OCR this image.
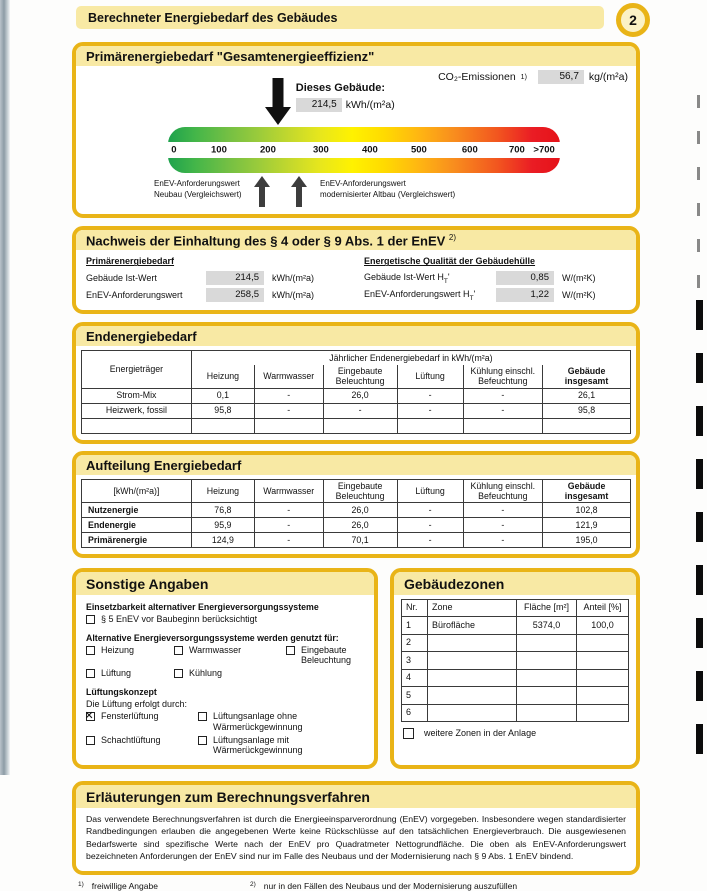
Berechneter Energiebedarf des Gebäudes	2
Primärenergiebedarf "Gesamtenergieeffizienz"
CO₂-Emissionen 1)	56,7 kg/(m²a)
Dieses Gebäude:
214,5 kWh/(m²a)
0	100	200	300	400	500	600	700 >700
EnEV-Anforderungswert
Neubau (Vergleichswert)
EnEV-Anforderungswert
modernisierter Altbau (Vergleichswert)
Nachweis der Einhaltung des § 4 oder § 9 Abs. 1 der EnEV $^{2)}$
Primärenergiebedarf
Gebäude Ist-Wert	214,5	kWh/(m²a)
EnEV-Anforderungswert	258,5	kWh/(m²a)
Energetische Qualität der Gebäudehülle
Gebäude Ist-Wert $H_T'$	0,85	W/(m²K)
EnEV-Anforderungswert $H_T'$	1,22	W/(m²K)
Endenergiebedarf
Energieträger	Jährlicher Endenergiebedarf in kWh/(m²a)					
	Heizung	Warmwasser	Eingebaute Beleuchtung	Lüftung	Kühlung einschl. Befeuchtung	Gebäude insgesamt
Strom-Mix	0,1	-	26,0	-	-	26,1
Heizwerk, fossil	95,8	-	-	-	-	95,8

Aufteilung Energiebedarf
[kWh/(m²a)]	Heizung	Warmwasser	Eingebaute Beleuchtung	Lüftung	Kühlung einschl. Befeuchtung	Gebäude insgesamt
Nutzenergie	76,8	-	26,0	-	-	102,8
Endenergie	95,9	-	26,0	-	-	121,9
Primärenergie	124,9	-	70,1	-	-	195,0
Sonstige Angaben
Einsetzbarkeit alternativer Energieversorgungssysteme
§ 5 EnEV vor Baubeginn berücksichtigt
Alternative Energieversorgungssysteme werden genutzt für:
Heizung	Warmwasser	Eingebaute Beleuchtung
Lüftung	Kühlung
Lüftungskonzept
Die Lüftung erfolgt durch:
✕
Fensterlüftung	Lüftungsanlage ohne Wärmerückgewinnung
Schachtlüftung	Lüftungsanlage mit Wärmerückgewinnung
Gebäudezonen
Nr.	Zone	Fläche [m²]	Anteil [%]
1	Bürofläche	5374,0	100,0
2			
3			
4			
5			
6			
weitere Zonen in der Anlage
Erläuterungen zum Berechnungsverfahren
Das verwendete Berechnungsverfahren ist durch die Energieeinsparverordnung (EnEV) vorgegeben. Insbesondere wegen standardisierter Randbedingungen erlauben die angegebenen Werte keine Rückschlüsse auf den tatsächlichen Energieverbrauch. Die ausgewiesenen Bedarfswerte sind spezifische Werte nach der EnEV pro Quadratmeter Nettogrundfläche. Die oben als EnEV-Anforderungswert bezeichneten Anforderungen der EnEV sind nur im Falle des Neubaus und der Modernisierung nach § 9 Abs. 1 EnEV bindend.
1) freiwillige Angabe	2) nur in den Fällen des Neubaus und der Modernisierung auszufüllen
